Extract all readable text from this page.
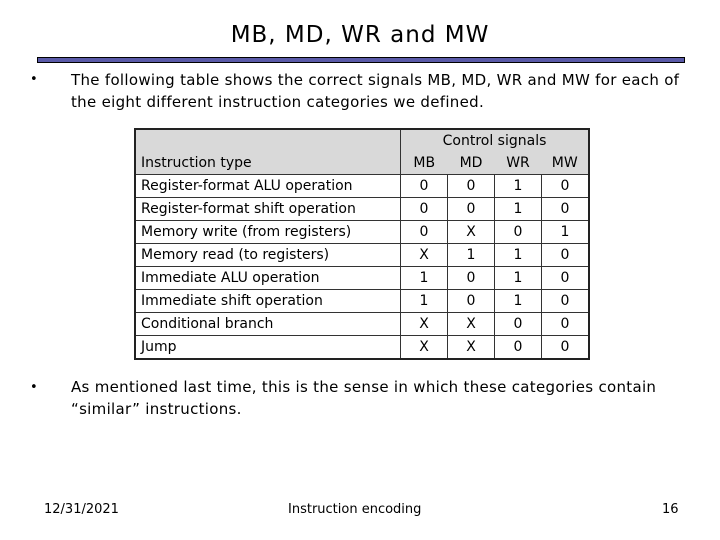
MB, MD, WR and MW
• The following table shows the correct signals MB, MD, WR and MW for each of the eight different instruction categories we defined.
	Control signals			
Instruction type	MB	MD	WR	MW
Register-format ALU operation	0	0	1	0
Register-format shift operation	0	0	1	0
Memory write (from registers)	0	X	0	1
Memory read (to registers)	X	1	1	0
Immediate ALU operation	1	0	1	0
Immediate shift operation	1	0	1	0
Conditional branch	X	X	0	0
Jump	X	X	0	0
• As mentioned last time, this is the sense in which these categories contain “similar” instructions.
12/31/2021	Instruction encoding	16
